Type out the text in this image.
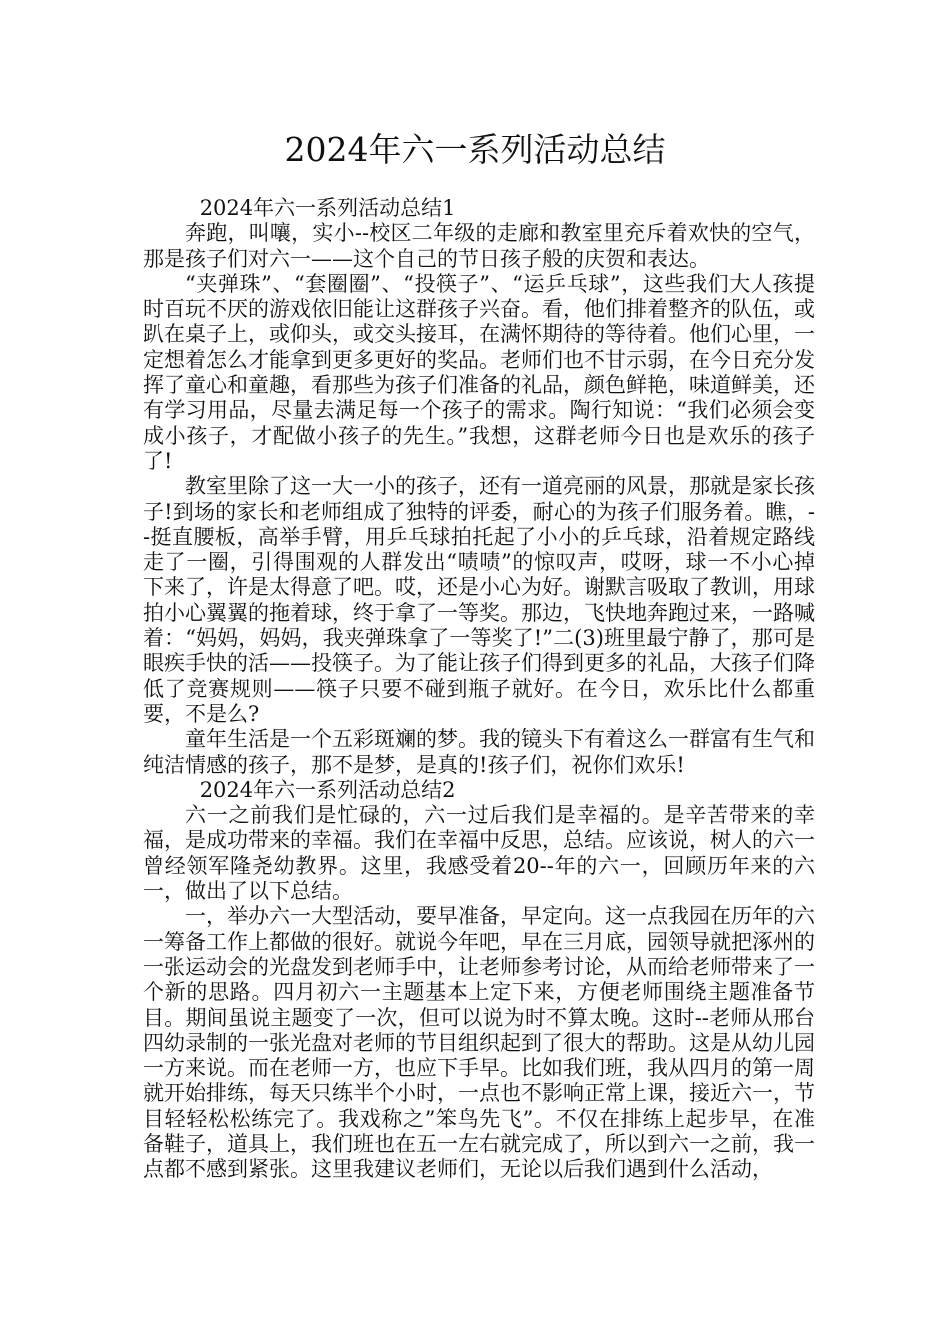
2024年六一系列活动总结

2024年六一系列活动总结1

奔跑，叫嚷，实小--校区二年级的走廊和教室里充斥着欢快的空气，那是孩子们对六一——这个自己的节日孩子般的庆贺和表达。

“夹弹珠”、“套圈圈”、“投筷子”、“运乒乓球”，这些我们大人孩提时百玩不厌的游戏依旧能让这群孩子兴奋。看，他们排着整齐的队伍，或趴在桌子上，或仰头，或交头接耳，在满怀期待的等待着。他们心里，一定想着怎么才能拿到更多更好的奖品。老师们也不甘示弱，在今日充分发挥了童心和童趣，看那些为孩子们准备的礼品，颜色鲜艳，味道鲜美，还有学习用品，尽量去满足每一个孩子的需求。陶行知说：“我们必须会变成小孩子，才配做小孩子的先生。”我想，这群老师今日也是欢乐的孩子了!

教室里除了这一大一小的孩子，还有一道亮丽的风景，那就是家长孩子!到场的家长和老师组成了独特的评委，耐心的为孩子们服务着。瞧，--挺直腰板，高举手臂，用乒乓球拍托起了小小的乒乓球，沿着规定路线走了一圈，引得围观的人群发出“啧啧”的惊叹声，哎呀，球一不小心掉下来了，许是太得意了吧。哎，还是小心为好。谢默言吸取了教训，用球拍小心翼翼的拖着球，终于拿了一等奖。那边，飞快地奔跑过来，一路喊着：“妈妈，妈妈，我夹弹珠拿了一等奖了!”二(3)班里最宁静了，那可是眼疾手快的活——投筷子。为了能让孩子们得到更多的礼品，大孩子们降低了竞赛规则——筷子只要不碰到瓶子就好。在今日，欢乐比什么都重要，不是么?

童年生活是一个五彩斑斓的梦。我的镜头下有着这么一群富有生气和纯洁情感的孩子，那不是梦，是真的!孩子们，祝你们欢乐!

2024年六一系列活动总结2

六一之前我们是忙碌的，六一过后我们是幸福的。是辛苦带来的幸福，是成功带来的幸福。我们在幸福中反思，总结。应该说，树人的六一曾经领军隆尧幼教界。这里，我感受着20--年的六一，回顾历年来的六一，做出了以下总结。

一，举办六一大型活动，要早准备，早定向。这一点我园在历年的六一筹备工作上都做的很好。就说今年吧，早在三月底，园领导就把涿州的一张运动会的光盘发到老师手中，让老师参考讨论，从而给老师带来了一个新的思路。四月初六一主题基本上定下来，方便老师围绕主题准备节目。期间虽说主题变了一次，但可以说为时不算太晚。这时--老师从邢台四幼录制的一张光盘对老师的节目组织起到了很大的帮助。这是从幼儿园一方来说。而在老师一方，也应下手早。比如我们班，我从四月的第一周就开始排练，每天只练半个小时，一点也不影响正常上课，接近六一，节目轻轻松松练完了。我戏称之”笨鸟先飞”。不仅在排练上起步早，在准备鞋子，道具上，我们班也在五一左右就完成了，所以到六一之前，我一点都不感到紧张。这里我建议老师们，无论以后我们遇到什么活动，
